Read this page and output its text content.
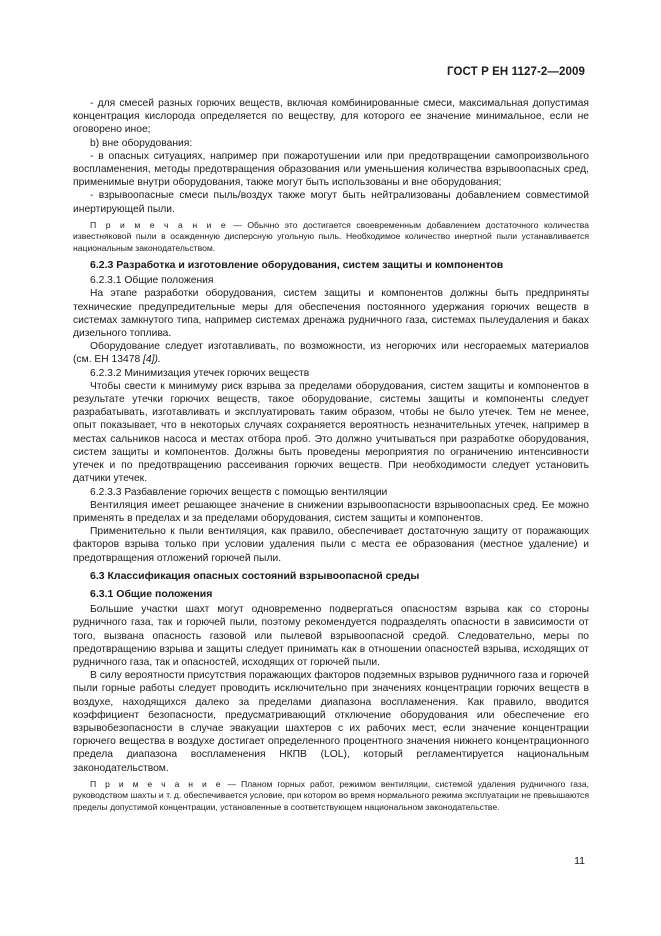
ГОСТ Р ЕН 1127-2—2009

- для смесей разных горючих веществ, включая комбинированные смеси, максимальная допустимая концентрация кислорода определяется по веществу, для которого ее значение минимальное, если не оговорено иное;

b) вне оборудования:

- в опасных ситуациях, например при пожаротушении или при предотвращении самопроизвольного воспламенения, методы предотвращения образования или уменьшения количества взрывоопасных сред, применимые внутри оборудования, также могут быть использованы и вне оборудования;

- взрывоопасные смеси пыль/воздух также могут быть нейтрализованы добавлением совместимой инертирующей пыли.

П р и м е ч а н и е — Обычно это достигается своевременным добавлением достаточного количества известняковой пыли в осажденную дисперсную угольную пыль. Необходимое количество инертной пыли устанавливается национальным законодательством.

6.2.3 Разработка и изготовление оборудования, систем защиты и компонентов

6.2.3.1 Общие положения

На этапе разработки оборудования, систем защиты и компонентов должны быть предприняты технические предупредительные меры для обеспечения постоянного удержания горючих веществ в системах замкнутого типа, например системах дренажа рудничного газа, системах пылеудаления и баках дизельного топлива.

Оборудование следует изготавливать, по возможности, из негорючих или несгораемых материалов (см. ЕН 13478 [4]).

6.2.3.2 Минимизация утечек горючих веществ

Чтобы свести к минимуму риск взрыва за пределами оборудования, систем защиты и компонентов в результате утечки горючих веществ, такое оборудование, системы защиты и компоненты следует разрабатывать, изготавливать и эксплуатировать таким образом, чтобы не было утечек. Тем не менее, опыт показывает, что в некоторых случаях сохраняется вероятность незначительных утечек, например в местах сальников насоса и местах отбора проб. Это должно учитываться при разработке оборудования, систем защиты и компонентов. Должны быть проведены мероприятия по ограничению интенсивности утечек и по предотвращению рассеивания горючих веществ. При необходимости следует установить датчики утечек.

6.2.3.3 Разбавление горючих веществ с помощью вентиляции

Вентиляция имеет решающее значение в снижении взрывоопасности взрывоопасных сред. Ее можно применять в пределах и за пределами оборудования, систем защиты и компонентов.

Применительно к пыли вентиляция, как правило, обеспечивает достаточную защиту от поражающих факторов взрыва только при условии удаления пыли с места ее образования (местное удаление) и предотвращения отложений горючей пыли.

6.3 Классификация опасных состояний взрывоопасной среды
6.3.1 Общие положения

Большие участки шахт могут одновременно подвергаться опасностям взрыва как со стороны рудничного газа, так и горючей пыли, поэтому рекомендуется подразделять опасности в зависимости от того, вызвана опасность газовой или пылевой взрывоопасной средой. Следовательно, меры по предотвращению взрыва и защиты следует принимать как в отношении опасностей взрыва, исходящих от рудничного газа, так и опасностей, исходящих от горючей пыли.

В силу вероятности присутствия поражающих факторов подземных взрывов рудничного газа и горючей пыли горные работы следует проводить исключительно при значениях концентрации горючих веществ в воздухе, находящихся далеко за пределами диапазона воспламенения. Как правило, вводится коэффициент безопасности, предусматривающий отключение оборудования или обеспечение его взрывобезопасности в случае эвакуации шахтеров с их рабочих мест, если значение концентрации горючего вещества в воздухе достигает определенного процентного значения нижнего концентрационного предела диапазона воспламенения НКПВ (LOL), который регламентируется национальным законодательством.

П р и м е ч а н и е — Планом горных работ, режимом вентиляции, системой удаления рудничного газа, руководством шахты и т. д. обеспечивается условие, при котором во время нормального режима эксплуатации не превышаются пределы допустимой концентрации, установленные в соответствующем национальном законодательстве.

11
